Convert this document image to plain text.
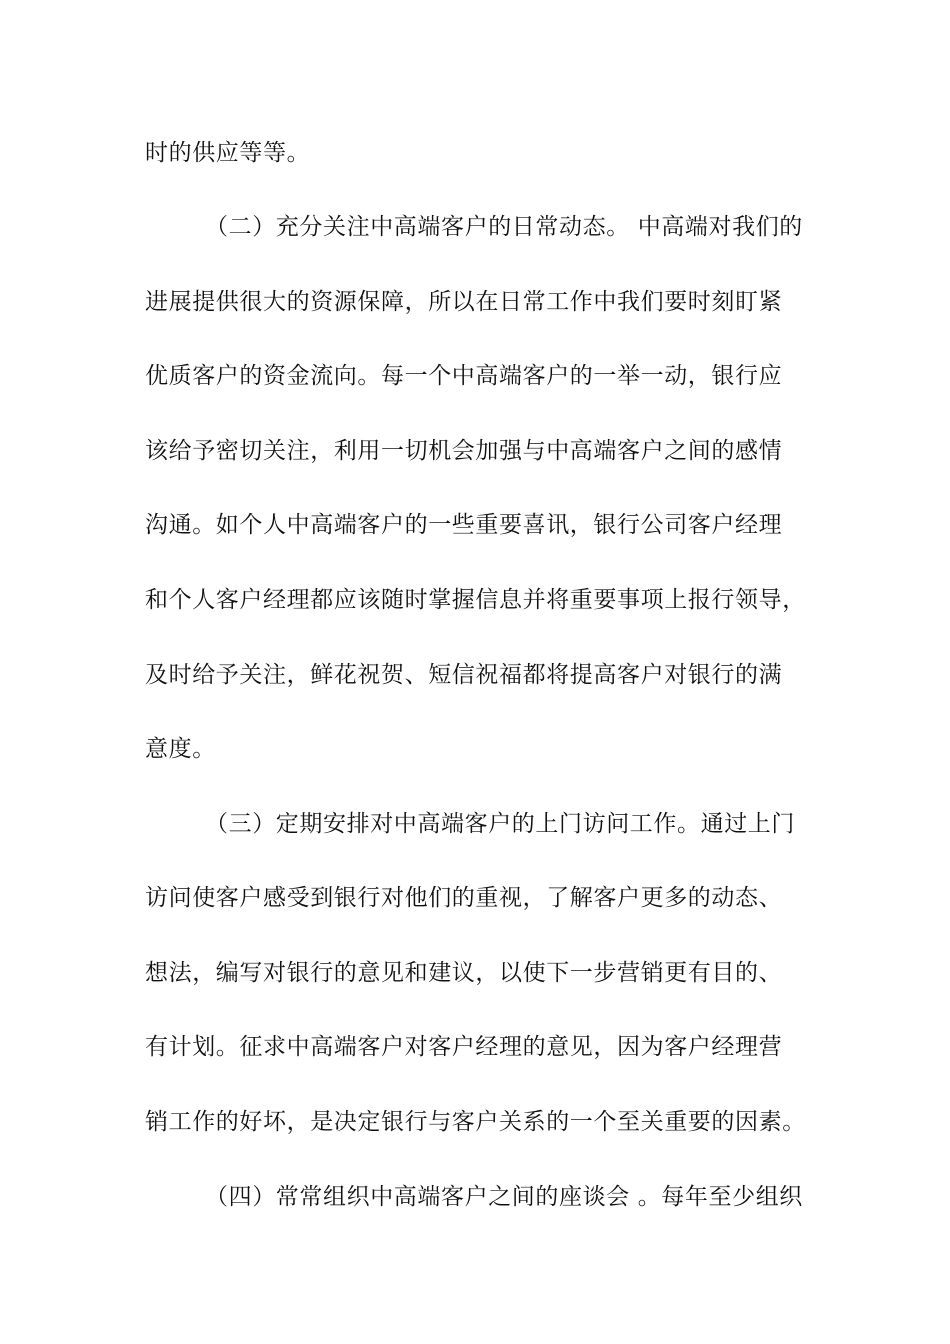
时的供应等等。
（二）充分关注中高端客户的日常动态。 中高端对我们的
进展提供很大的资源保障，所以在日常工作中我们要时刻盯紧
优质客户的资金流向。每一个中高端客户的一举一动，银行应
该给予密切关注，利用一切机会加强与中高端客户之间的感情
沟通。如个人中高端客户的一些重要喜讯，银行公司客户经理
和个人客户经理都应该随时掌握信息并将重要事项上报行领导，
及时给予关注，鲜花祝贺、短信祝福都将提高客户对银行的满
意度。
（三）定期安排对中高端客户的上门访问工作。通过上门
访问使客户感受到银行对他们的重视，了解客户更多的动态、
想法，编写对银行的意见和建议，以使下一步营销更有目的、
有计划。征求中高端客户对客户经理的意见，因为客户经理营
销工作的好坏，是决定银行与客户关系的一个至关重要的因素。
（四）常常组织中高端客户之间的座谈会 。每年至少组织
